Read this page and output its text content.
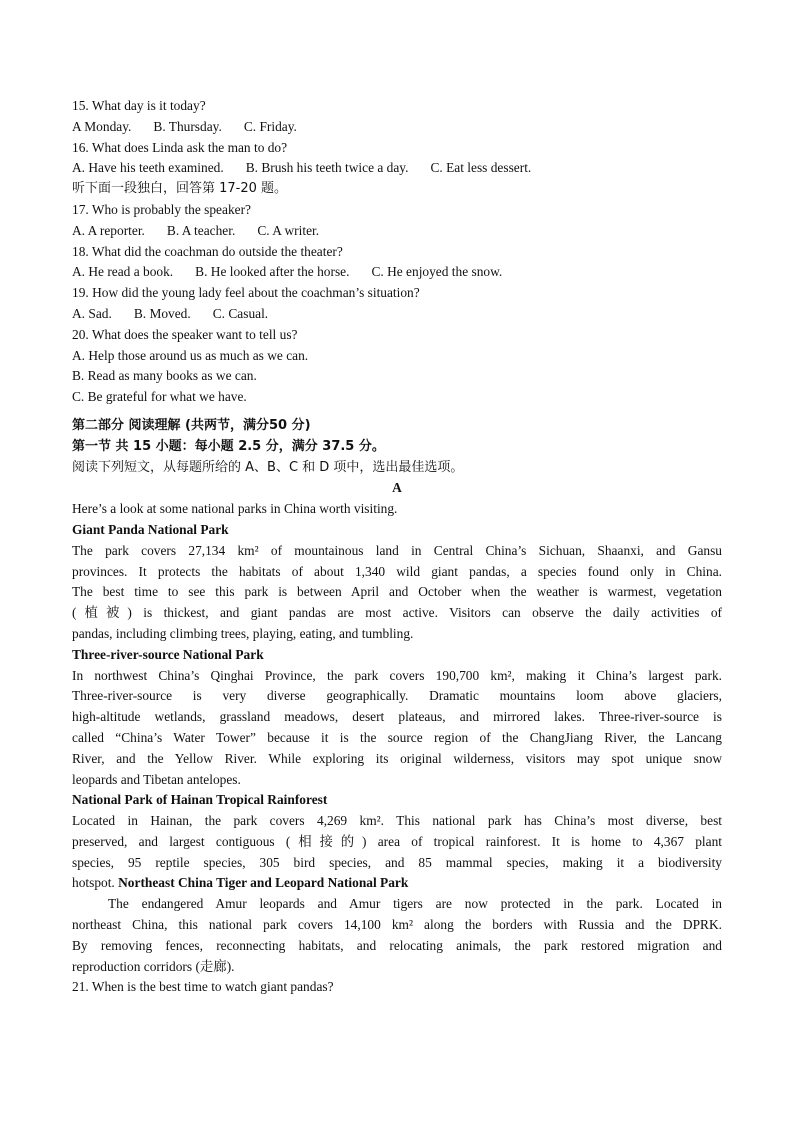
15. What day is it today?
A Monday. B. Thursday. C. Friday.
16. What does Linda ask the man to do?
A. Have his teeth examined. B. Brush his teeth twice a day. C. Eat less dessert.
听下面一段独白，回答第 17-20 题。
17. Who is probably the speaker?
A. A reporter. B. A teacher. C. A writer.
18. What did the coachman do outside the theater?
A. He read a book. B. He looked after the horse. C. He enjoyed the snow.
19. How did the young lady feel about the coachman’s situation?
A. Sad. B. Moved. C. Casual.
20. What does the speaker want to tell us?
A. Help those around us as much as we can.
B. Read as many books as we can.
C. Be grateful for what we have.
第二部分 阅读理解 (共两节，满分50 分)
第一节 共 15 小题：每小题 2.5 分，满分 37.5 分。
阅读下列短文，从每题所给的 A、B、C 和 D 项中，选出最佳选项。
A
Here’s a look at some national parks in China worth visiting.
Giant Panda National Park
The park covers 27,134 km² of mountainous land in Central China’s Sichuan, Shaanxi, and Gansu
provinces. It protects the habitats of about 1,340 wild giant pandas, a species found only in China.
The best time to see this park is between April and October when the weather is warmest, vegetation
(植被) is thickest, and giant pandas are most active. Visitors can observe the daily activities of
pandas, including climbing trees, playing, eating, and tumbling.
Three-river-source National Park
In northwest China’s Qinghai Province, the park covers 190,700 km², making it China’s largest park.
Three-river-source is very diverse geographically. Dramatic mountains loom above glaciers,
high-altitude wetlands, grassland meadows, desert plateaus, and mirrored lakes. Three-river-source is
called “China’s Water Tower” because it is the source region of the ChangJiang River, the Lancang
River, and the Yellow River. While exploring its original wilderness, visitors may spot unique snow
leopards and Tibetan antelopes.
National Park of Hainan Tropical Rainforest
Located in Hainan, the park covers 4,269 km². This national park has China’s most diverse, best
preserved, and largest contiguous (相接的) area of tropical rainforest. It is home to 4,367 plant
species, 95 reptile species, 305 bird species, and 85 mammal species, making it a biodiversity
hotspot. Northeast China Tiger and Leopard National Park
The endangered Amur leopards and Amur tigers are now protected in the park. Located in
northeast China, this national park covers 14,100 km² along the borders with Russia and the DPRK.
By removing fences, reconnecting habitats, and relocating animals, the park restored migration and
reproduction corridors (走廊).
21. When is the best time to watch giant pandas?
